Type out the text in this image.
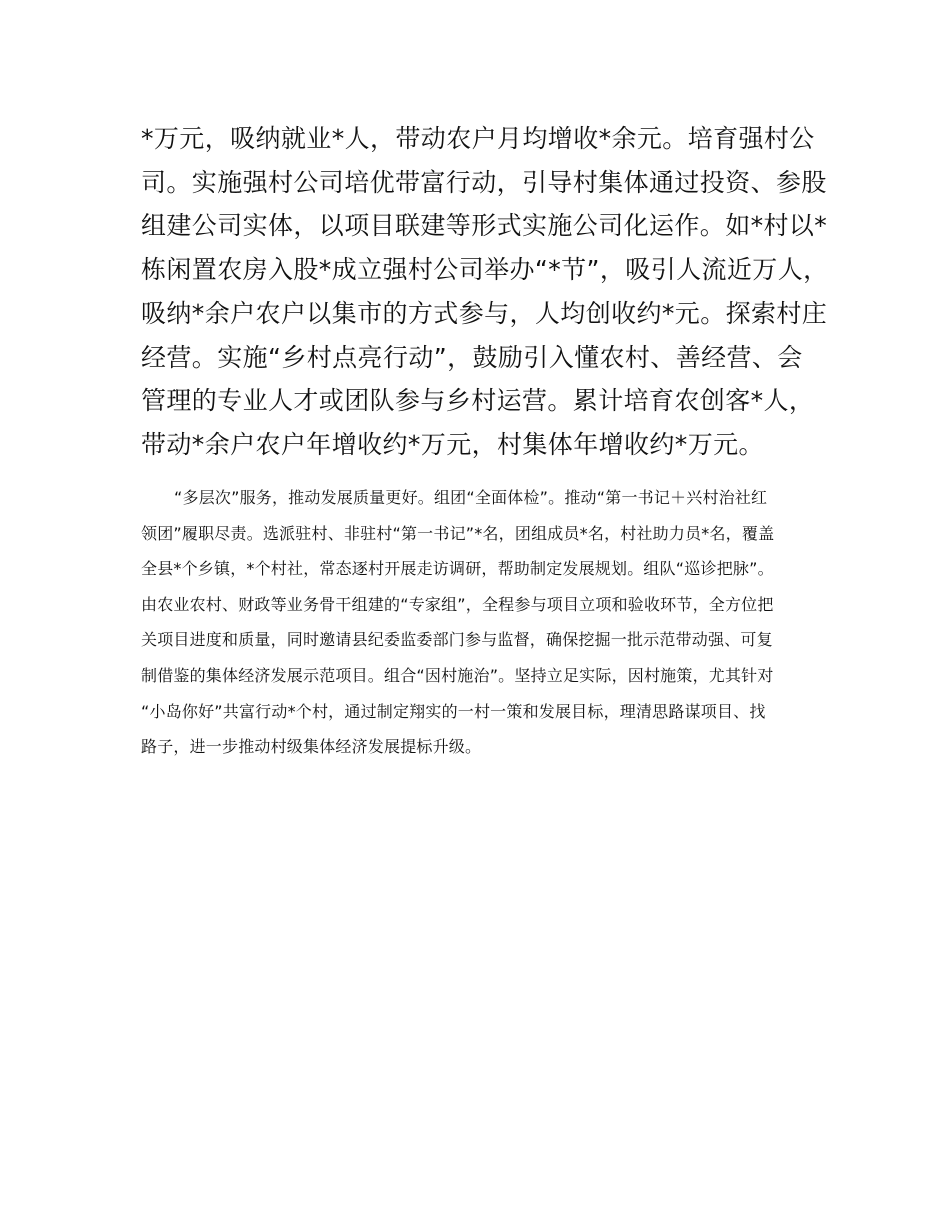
*万元，吸纳就业*人，带动农户月均增收*余元。培育强村公
司。实施强村公司培优带富行动，引导村集体通过投资、参股
组建公司实体，以项目联建等形式实施公司化运作。如*村以*
栋闲置农房入股*成立强村公司举办“*节”，吸引人流近万人，
吸纳*余户农户以集市的方式参与，人均创收约*元。探索村庄
经营。实施“乡村点亮行动”，鼓励引入懂农村、善经营、会
管理的专业人才或团队参与乡村运营。累计培育农创客*人，
带动*余户农户年增收约*万元，村集体年增收约*万元。

“多层次”服务，推动发展质量更好。组团“全面体检”。推动“第一书记＋兴村治社红
领团”履职尽责。选派驻村、非驻村“第一书记”*名，团组成员*名，村社助力员*名，覆盖
全县*个乡镇，*个村社，常态逐村开展走访调研，帮助制定发展规划。组队“巡诊把脉”。
由农业农村、财政等业务骨干组建的“专家组”，全程参与项目立项和验收环节，全方位把
关项目进度和质量，同时邀请县纪委监委部门参与监督，确保挖掘一批示范带动强、可复
制借鉴的集体经济发展示范项目。组合“因村施治”。坚持立足实际，因村施策，尤其针对
“小岛你好”共富行动*个村，通过制定翔实的一村一策和发展目标，理清思路谋项目、找
路子，进一步推动村级集体经济发展提标升级。
